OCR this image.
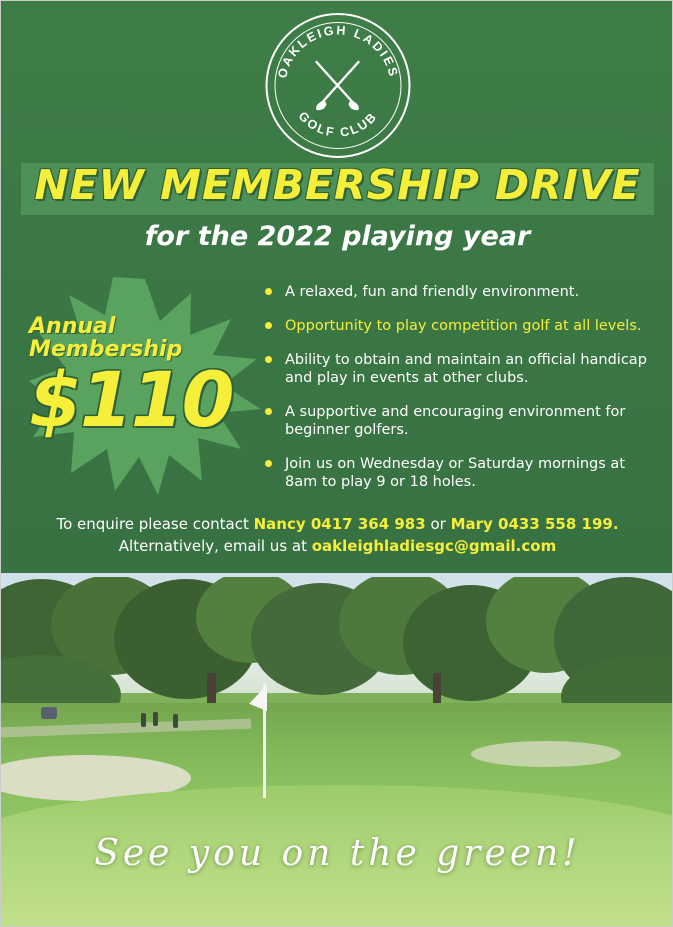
OAKLEIGH LADIES
GOLF CLUB
NEW MEMBERSHIP DRIVE
for the 2022 playing year
Annual
Membership
$110
A relaxed, fun and friendly environment.
Opportunity to play competition golf at all levels.
Ability to obtain and maintain an official handicap and play in events at other clubs.
A supportive and encouraging environment for beginner golfers.
Join us on Wednesday or Saturday mornings at 8am to play 9 or 18 holes.
To enquire please contact Nancy 0417 364 983 or Mary 0433 558 199.
Alternatively, email us at oakleighladiesgc@gmail.com
See you on the green!
